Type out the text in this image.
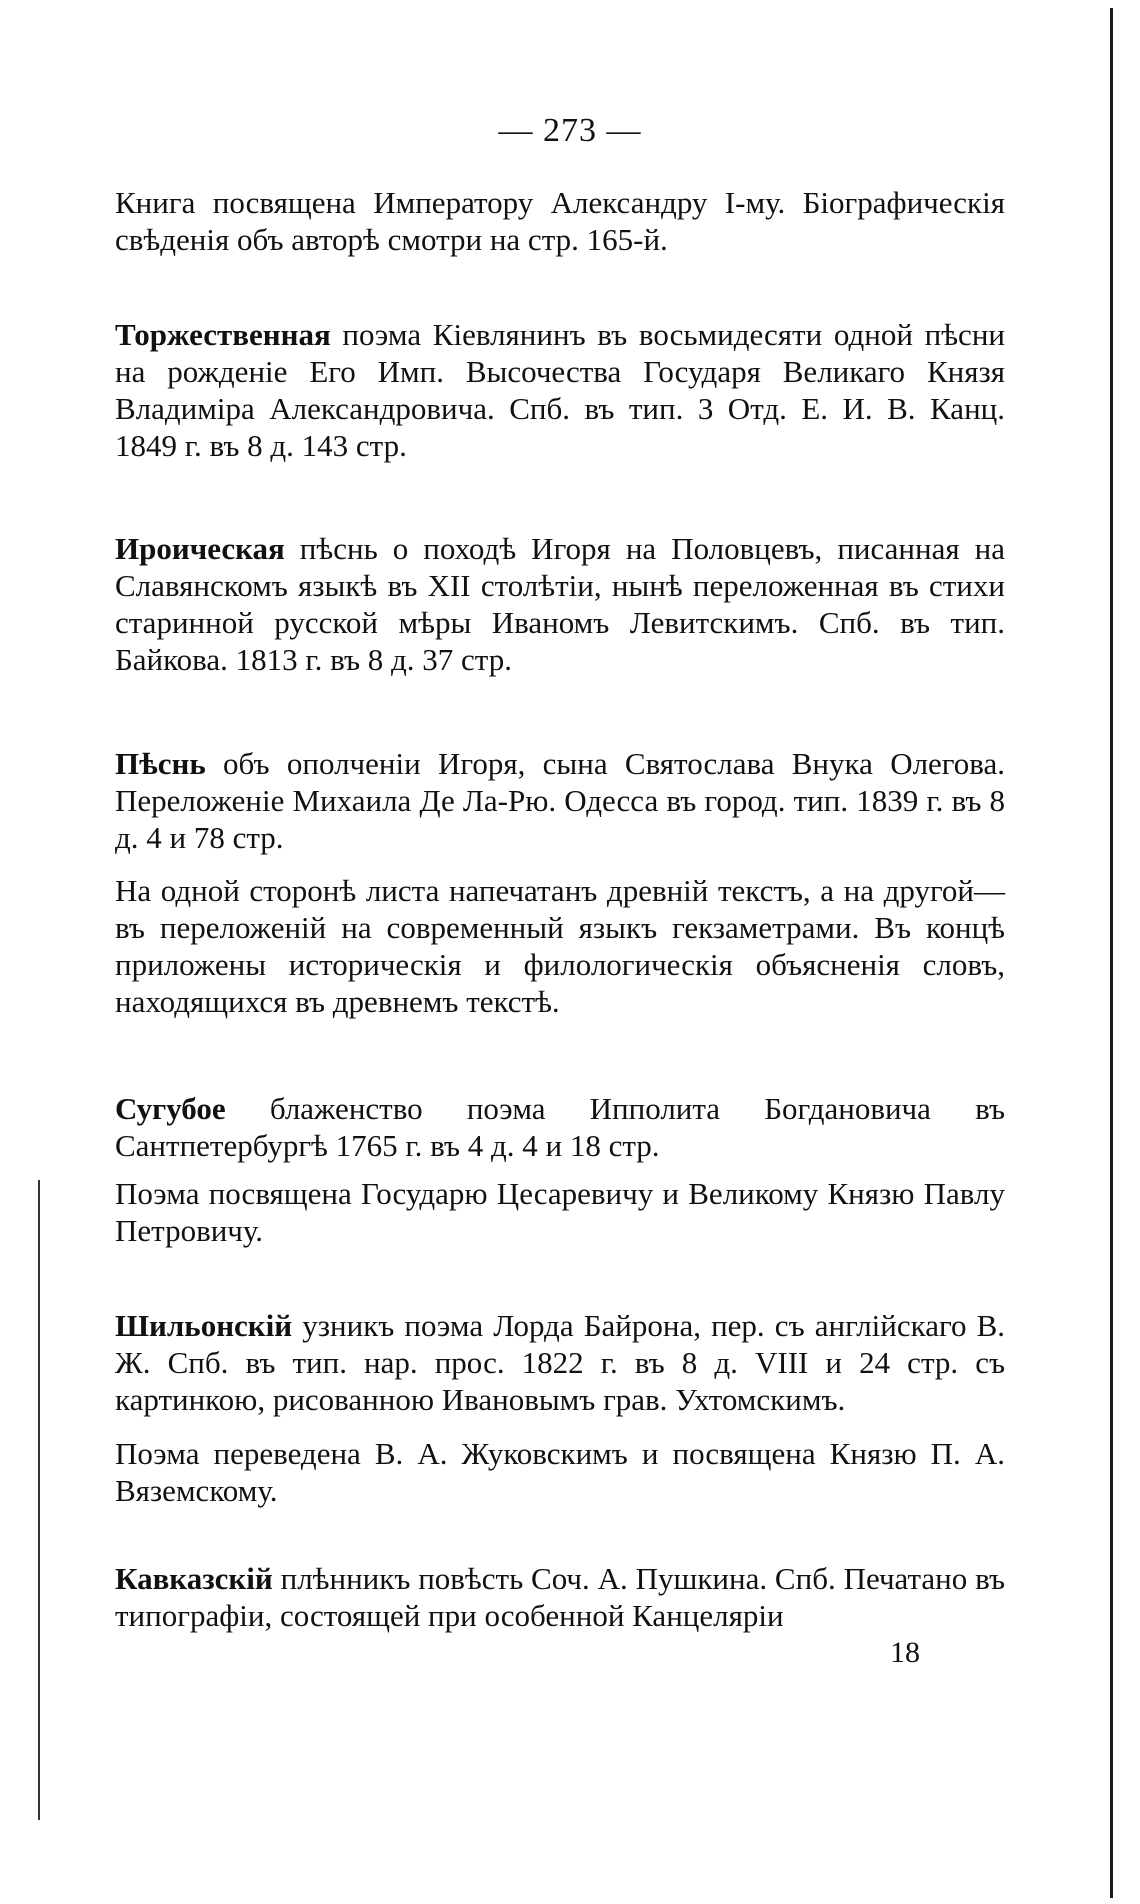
— 273 —
Книга посвящена Императору Александру I-му. Біографическія свѣденія объ авторѣ смотри на стр. 165-й.
Торжественная поэма Кіевлянинъ въ восьмидесяти одной пѣсни на рожденіе Его Имп. Высочества Государя Великаго Князя Владиміра Александровича. Спб. въ тип. 3 Отд. Е. И. В. Канц. 1849 г. въ 8 д. 143 стр.
Ироическая пѣснь о походѣ Игоря на Половцевъ, писанная на Славянскомъ языкѣ въ XII столѣтіи, нынѣ переложенная въ стихи старинной русской мѣры Иваномъ Левитскимъ. Спб. въ тип. Байкова. 1813 г. въ 8 д. 37 стр.
Пѣснь объ ополченіи Игоря, сына Святослава Внука Олегова. Переложеніе Михаила Де Ла-Рю. Одесса въ город. тип. 1839 г. въ 8 д. 4 и 78 стр.
На одной сторонѣ листа напечатанъ древній текстъ, а на другой—въ переложеній на современный языкъ гекзаметрами. Въ концѣ приложены историческія и филологическія объясненія словъ, находящихся въ древнемъ текстѣ.
Сугубое блаженство поэма Ипполита Богдановича въ Сантпетербургѣ 1765 г. въ 4 д. 4 и 18 стр.
Поэма посвящена Государю Цесаревичу и Великому Князю Павлу Петровичу.
Шильонскій узникъ поэма Лорда Байрона, пер. съ англійскаго В. Ж. Спб. въ тип. нар. прос. 1822 г. въ 8 д. VIII и 24 стр. съ картинкою, рисованною Ивановымъ грав. Ухтомскимъ.
Поэма переведена В. А. Жуковскимъ и посвящена Князю П. А. Вяземскому.
Кавказскій плѣнникъ повѣсть Соч. А. Пушкина. Спб. Печатано въ типографіи, состоящей при особенной Канцеляріи
18
